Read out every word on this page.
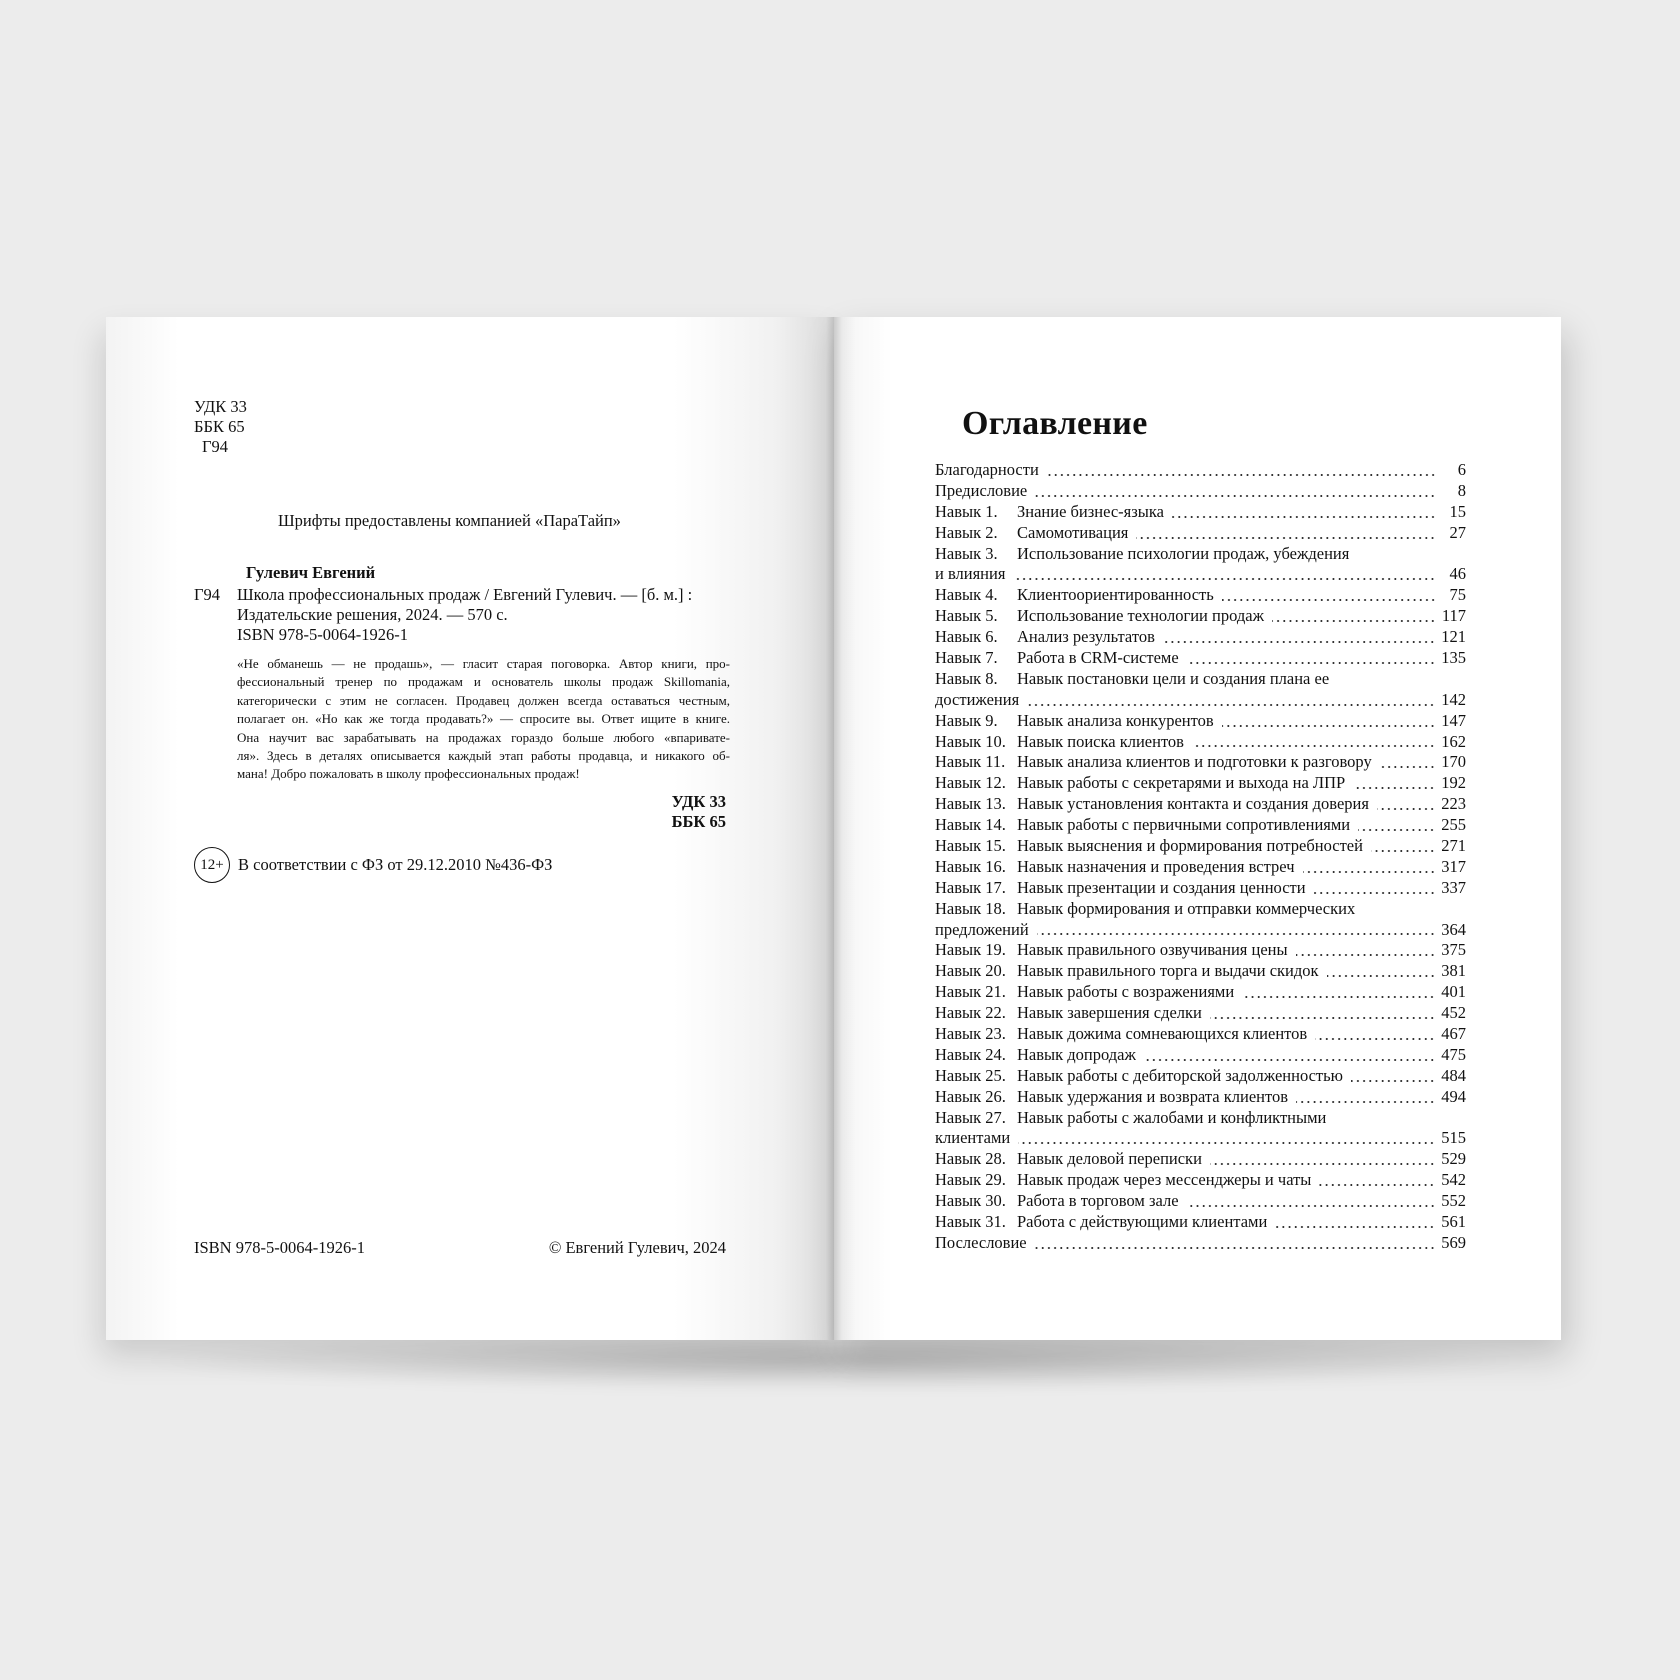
УДК 33
ББК 65
Г94
Шрифты предоставлены компанией «ПараТайп»
Гулевич Евгений
Г94 Школа профессиональных продаж / Евгений Гулевич. — [б. м.] :
Издательские решения, 2024. — 570 с.
ISBN 978-5-0064-1926-1
«Не обманешь — не продашь», — гласит старая поговорка. Автор книги, про-
фессиональный тренер по продажам и основатель школы продаж Skillomania,
категорически с этим не согласен. Продавец должен всегда оставаться честным,
полагает он. «Но как же тогда продавать?» — спросите вы. Ответ ищите в книге.
Она научит вас зарабатывать на продажах гораздо больше любого «впаривате-
ля». Здесь в деталях описывается каждый этап работы продавца, и никакого об-
мана! Добро пожаловать в школу профессиональных продаж!
УДК 33
ББК 65
12+ В соответствии с ФЗ от 29.12.2010 №436-ФЗ
ISBN 978-5-0064-1926-1	© Евгений Гулевич, 2024
Оглавление
Благодарности	6
Предисловие	8
Навык 1.	Знание бизнес-языка	15
Навык 2.	Самомотивация	27
Навык 3.	Использование психологии продаж, убеждения
и влияния	46
Навык 4.	Клиентоориентированность	75
Навык 5.	Использование технологии продаж	117
Навык 6.	Анализ результатов	121
Навык 7.	Работа в CRM-системе	135
Навык 8.	Навык постановки цели и создания плана ее
достижения	142
Навык 9.	Навык анализа конкурентов	147
Навык 10. Навык поиска клиентов	162
Навык 11. Навык анализа клиентов и подготовки к разговору	170
Навык 12. Навык работы с секретарями и выхода на ЛПР	192
Навык 13. Навык установления контакта и создания доверия	223
Навык 14. Навык работы с первичными сопротивлениями	255
Навык 15. Навык выяснения и формирования потребностей	271
Навык 16. Навык назначения и проведения встреч	317
Навык 17. Навык презентации и создания ценности	337
Навык 18. Навык формирования и отправки коммерческих
предложений	364
Навык 19. Навык правильного озвучивания цены	375
Навык 20. Навык правильного торга и выдачи скидок	381
Навык 21. Навык работы с возражениями	401
Навык 22. Навык завершения сделки	452
Навык 23. Навык дожима сомневающихся клиентов	467
Навык 24. Навык допродаж	475
Навык 25. Навык работы с дебиторской задолженностью	484
Навык 26. Навык удержания и возврата клиентов	494
Навык 27. Навык работы с жалобами и конфликтными
клиентами	515
Навык 28. Навык деловой переписки	529
Навык 29. Навык продаж через мессенджеры и чаты	542
Навык 30. Работа в торговом зале	552
Навык 31. Работа с действующими клиентами	561
Послесловие	569
